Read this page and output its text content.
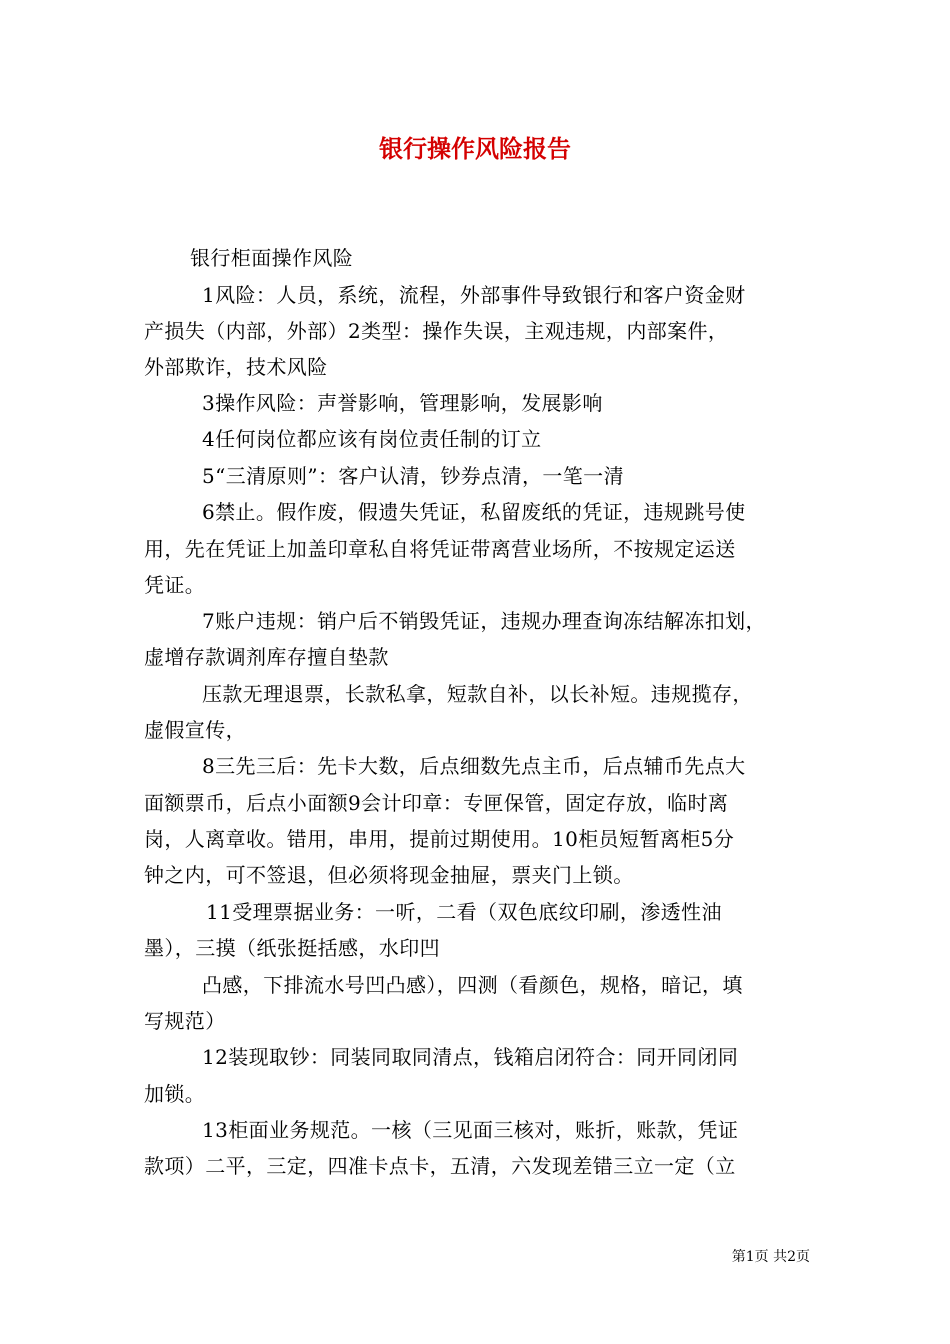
银行操作风险报告
银行柜面操作风险
1风险：人员，系统，流程，外部事件导致银行和客户资金财
产损失（内部，外部）2类型：操作失误，主观违规，内部案件，
外部欺诈，技术风险
3操作风险：声誉影响，管理影响，发展影响
4任何岗位都应该有岗位责任制的订立
5“三清原则”：客户认清，钞券点清，一笔一清
6禁止。假作废，假遗失凭证，私留废纸的凭证，违规跳号使
用，先在凭证上加盖印章私自将凭证带离营业场所，不按规定运送
凭证。
7账户违规：销户后不销毁凭证，违规办理查询冻结解冻扣划，
虚增存款调剂库存擅自垫款
压款无理退票，长款私拿，短款自补，以长补短。违规揽存，
虚假宣传，
8三先三后：先卡大数，后点细数先点主币，后点辅币先点大
面额票币，后点小面额9会计印章：专匣保管，固定存放，临时离
岗，人离章收。错用，串用，提前过期使用。10柜员短暂离柜5分
钟之内，可不签退，但必须将现金抽屉，票夹门上锁。
11受理票据业务：一听，二看（双色底纹印刷，渗透性油
墨），三摸（纸张挺括感，水印凹
凸感，下排流水号凹凸感），四测（看颜色，规格，暗记，填
写规范）
12装现取钞：同装同取同清点，钱箱启闭符合：同开同闭同
加锁。
13柜面业务规范。一核（三见面三核对，账折，账款，凭证
款项）二平，三定，四准卡点卡，五清，六发现差错三立一定（立
第1页 共2页
